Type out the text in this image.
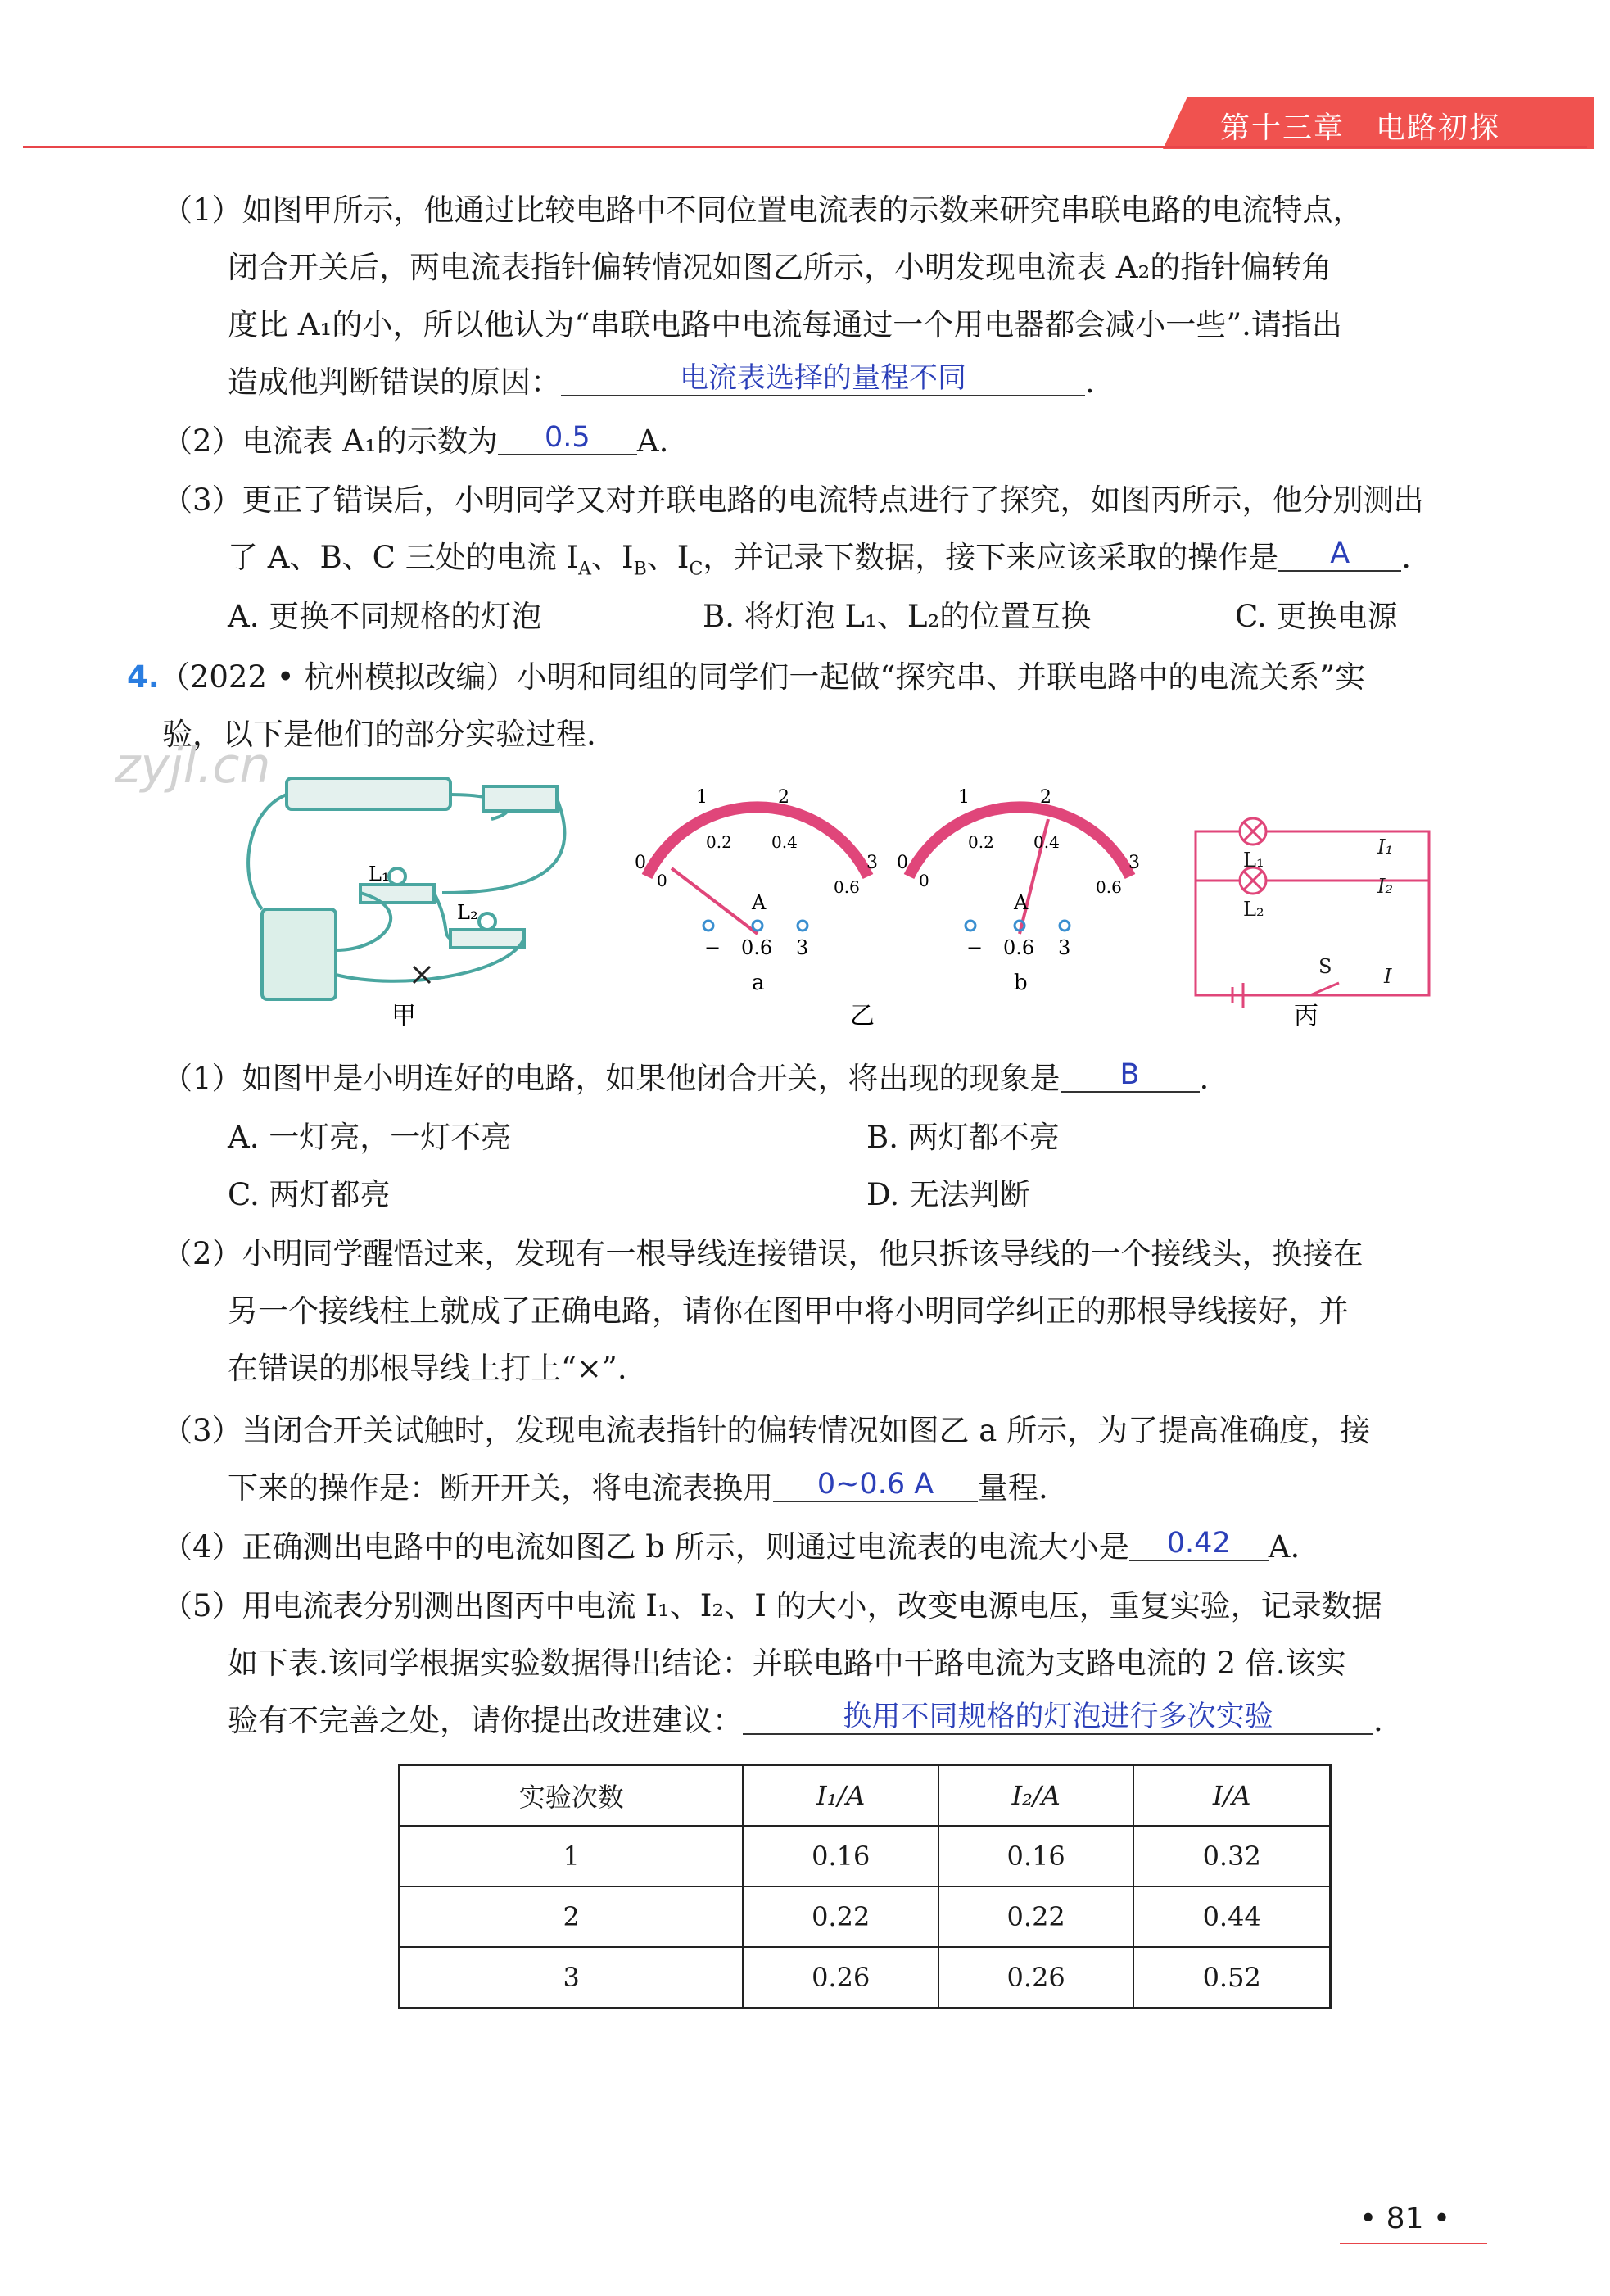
第十三章　电路初探
（1）如图甲所示，他通过比较电路中不同位置电流表的示数来研究串联电路的电流特点，
闭合开关后，两电流表指针偏转情况如图乙所示，小明发现电流表 A₂的指针偏转角
度比 A₁的小，所以他认为“串联电路中电流每通过一个用电器都会减小一些”.请指出
造成他判断错误的原因：	电流表选择的量程不同	.
（2）电流表 A₁的示数为 0.5 A.
（3）更正了错误后，小明同学又对并联电路的电流特点进行了探究，如图丙所示，他分别测出
了 A、B、C 三处的电流 $I_A$、$I_B$、$I_C$，并记录下数据，接下来应该采取的操作是 A .
A. 更换不同规格的灯泡	B. 将灯泡 L₁、L₂的位置互换	C. 更换电源
4.（2022 • 杭州模拟改编）小明和同组的同学们一起做“探究串、并联电路中的电流关系”实
验，以下是他们的部分实验过程.
zyjl.cn
L₁
L₂
0
1	2
3
0
0.2 0.4
0.6
A
− 0.6 3
a
0
1	2
3
0
0.2 0.4
0.6
A
− 0.6 3
b
L₁
L₂
S
I₁
I₂
I
甲	乙	丙
（1）如图甲是小明连好的电路，如果他闭合开关，将出现的现象是 B .
A. 一灯亮，一灯不亮	B. 两灯都不亮
C. 两灯都亮	D. 无法判断
（2）小明同学醒悟过来，发现有一根导线连接错误，他只拆该导线的一个接线头，换接在
另一个接线柱上就成了正确电路，请你在图甲中将小明同学纠正的那根导线接好，并
在错误的那根导线上打上“×”.
（3）当闭合开关试触时，发现电流表指针的偏转情况如图乙 a 所示，为了提高准确度，接
下来的操作是：断开开关，将电流表换用 0~0.6 A 量程.
（4）正确测出电路中的电流如图乙 b 所示，则通过电流表的电流大小是 0.42 A.
（5）用电流表分别测出图丙中电流 I₁、I₂、I 的大小，改变电源电压，重复实验，记录数据
如下表.该同学根据实验数据得出结论：并联电路中干路电流为支路电流的 2 倍.该实
验有不完善之处，请你提出改进建议：	换用不同规格的灯泡进行多次实验	.
实验次数	I₁/A	I₂/A	I/A
1	0.16	0.16	0.32
2	0.22	0.22	0.44
3	0.26	0.26	0.52
• 81 •
